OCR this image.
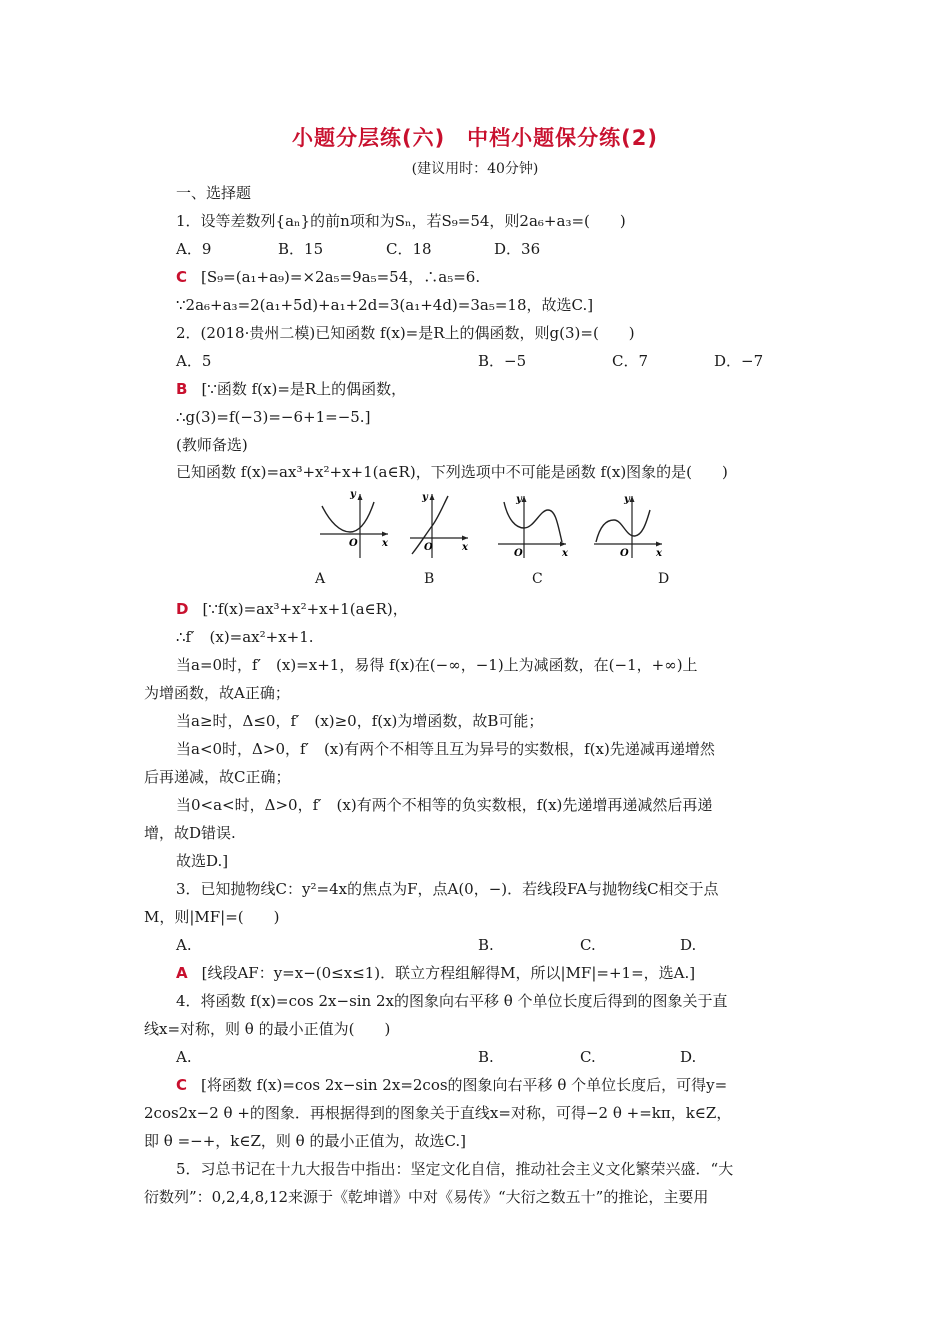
小题分层练(六)　中档小题保分练(2)
(建议用时：40分钟)
一、选择题
1．设等差数列{aₙ}的前n项和为Sₙ，若S₉=54，则2a₆+a₃=(　　)
A．9	B．15	C．18	D．36
C [S₉=(a₁+a₉)=×2a₅=9a₅=54，∴a₅=6.
∵2a₆+a₃=2(a₁+5d)+a₁+2d=3(a₁+4d)=3a₅=18，故选C.]
2．(2018·贵州二模)已知函数 f(x)=是R上的偶函数，则g(3)=(　　)
A．5	B．−5	C．7	D．−7
B [∵函数 f(x)=是R上的偶函数，
∴g(3)=f(−3)=−6+1=−5.]
(教师备选)
已知函数 f(x)=ax³+x²+x+1(a∈R)，下列选项中不可能是函数 f(x)图象的是(　　)
y
x
O
y
x
O
y
x
O
y
x
O
A	B	C	D
D [∵f(x)=ax³+x²+x+1(a∈R)，
∴f′　(x)=ax²+x+1.
当a=0时，f′　(x)=x+1，易得 f(x)在(−∞，−1)上为减函数，在(−1，+∞)上
为增函数，故A正确；
当a≥时，Δ≤0，f′　(x)≥0，f(x)为增函数，故B可能；
当a<0时，Δ>0，f′　(x)有两个不相等且互为异号的实数根，f(x)先递减再递增然
后再递减，故C正确；
当0<a<时，Δ>0，f′　(x)有两个不相等的负实数根，f(x)先递增再递减然后再递
增，故D错误.
故选D.]
3．已知抛物线C：y²=4x的焦点为F，点A(0，−)．若线段FA与抛物线C相交于点
M，则|MF|=(　　)
A.	B.	C.	D.
A [线段AF：y=x−(0≤x≤1)．联立方程组解得M，所以|MF|=+1=，选A.]
4．将函数 f(x)=cos 2x−sin 2x的图象向右平移 θ 个单位长度后得到的图象关于直
线x=对称，则 θ 的最小正值为(　　)
A.	B.	C.	D.
C [将函数 f(x)=cos 2x−sin 2x=2cos的图象向右平移 θ 个单位长度后，可得y=
2cos2x−2 θ +的图象．再根据得到的图象关于直线x=对称，可得−2 θ +=kπ，k∈Z，
即 θ =−+，k∈Z，则 θ 的最小正值为，故选C.]
5．习总书记在十九大报告中指出：坚定文化自信，推动社会主义文化繁荣兴盛．“大
衍数列”：0,2,4,8,12来源于《乾坤谱》中对《易传》“大衍之数五十”的推论，主要用
